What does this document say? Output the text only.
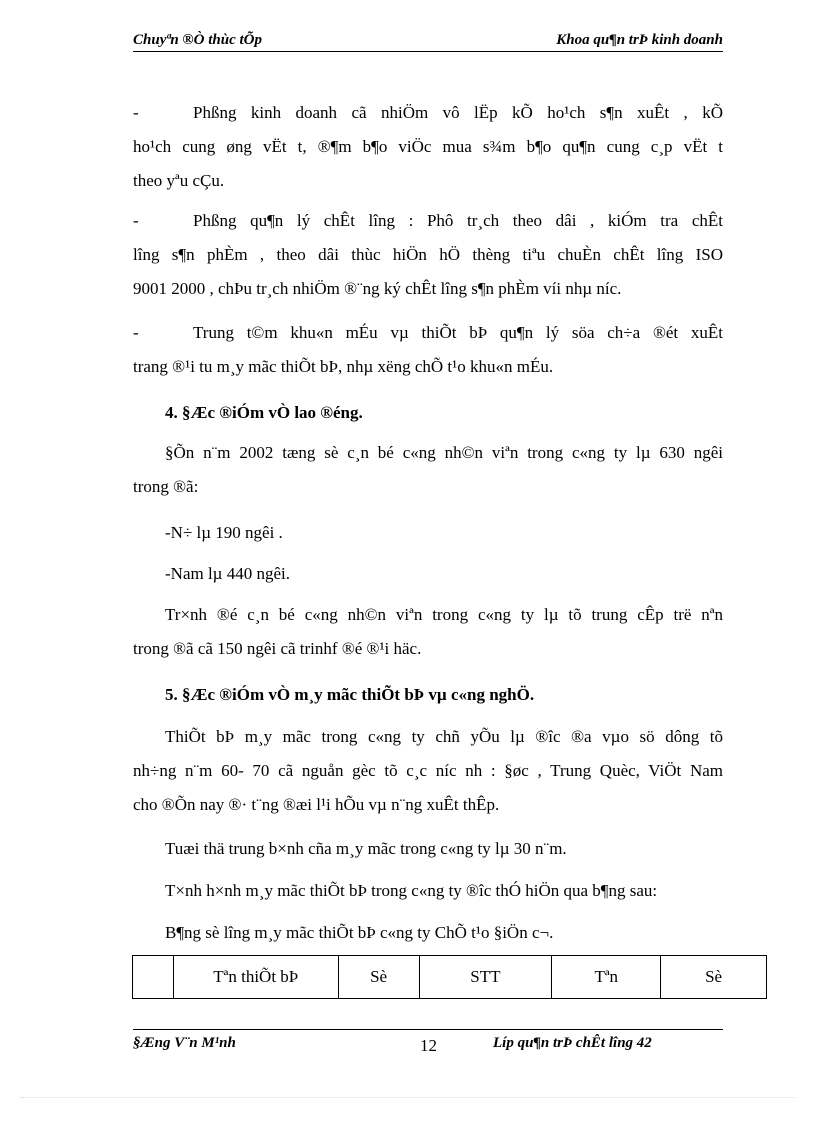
Chuyªn ®Ò thùc tÕp	Khoa qu¶n trÞ kinh doanh
-	Phßng kinh doanh cã nhiÖm vô lËp kÕ ho¹ch s¶n xuÊt , kÕ
ho¹ch cung øng vËt t, ®¶m b¶o viÖc mua s¾m b¶o qu¶n cung c¸p vËt t
theo yªu cÇu.
-	Phßng qu¶n lý chÊt lîng : Phô tr¸ch theo dâi , kiÓm tra chÊt
lîng s¶n phÈm , theo dâi thùc hiÖn hÖ thèng tiªu chuÈn chÊt lîng ISO
9001 2000 , chÞu tr¸ch nhiÖm ®¨ng ký chÊt lîng s¶n phÈm víi nhµ níc.
-	Trung t©m khu«n mÉu vµ thiÕt bÞ qu¶n lý söa ch÷a ®ét xuÊt
trang ®¹i tu m¸y mãc thiÕt bÞ, nhµ xëng chÕ t¹o khu«n mÉu.
4. §Æc ®iÓm vÒ lao ®éng.
§Õn n¨m 2002 tæng sè c¸n bé c«ng nh©n viªn trong c«ng ty lµ 630 ngêi
trong ®ã:
-N÷ lµ 190 ngêi .
-Nam lµ 440 ngêi.
Tr×nh ®é c¸n bé c«ng nh©n viªn trong c«ng ty lµ tõ trung cÊp trë nªn
trong ®ã cã 150 ngêi cã trinhf ®é ®¹i häc.
5. §Æc ®iÓm vÒ m¸y mãc thiÕt bÞ vµ c«ng nghÖ.
ThiÕt bÞ m¸y mãc trong c«ng ty chñ yÕu lµ ®îc ®a vµo sö dông tõ
nh÷ng n¨m 60- 70 cã nguån gèc tõ c¸c níc nh : §øc , Trung Quèc, ViÖt Nam
cho ®Õn nay ®· t¨ng ®æi l¹i hÕu vµ n¨ng xuÊt thÊp.
Tuæi thä trung b×nh cña m¸y mãc trong c«ng ty lµ 30 n¨m.
T×nh h×nh m¸y mãc thiÕt bÞ trong c«ng ty ®îc thÓ hiÖn qua b¶ng sau:
B¶ng sè lîng m¸y mãc thiÕt bÞ c«ng ty ChÕ t¹o §iÖn c¬.
	Tªn thiÕt bÞ	Sè	STT	Tªn	Sè
§Æng V¨n M¹nh	12	Líp qu¶n trÞ chÊt lîng 42
